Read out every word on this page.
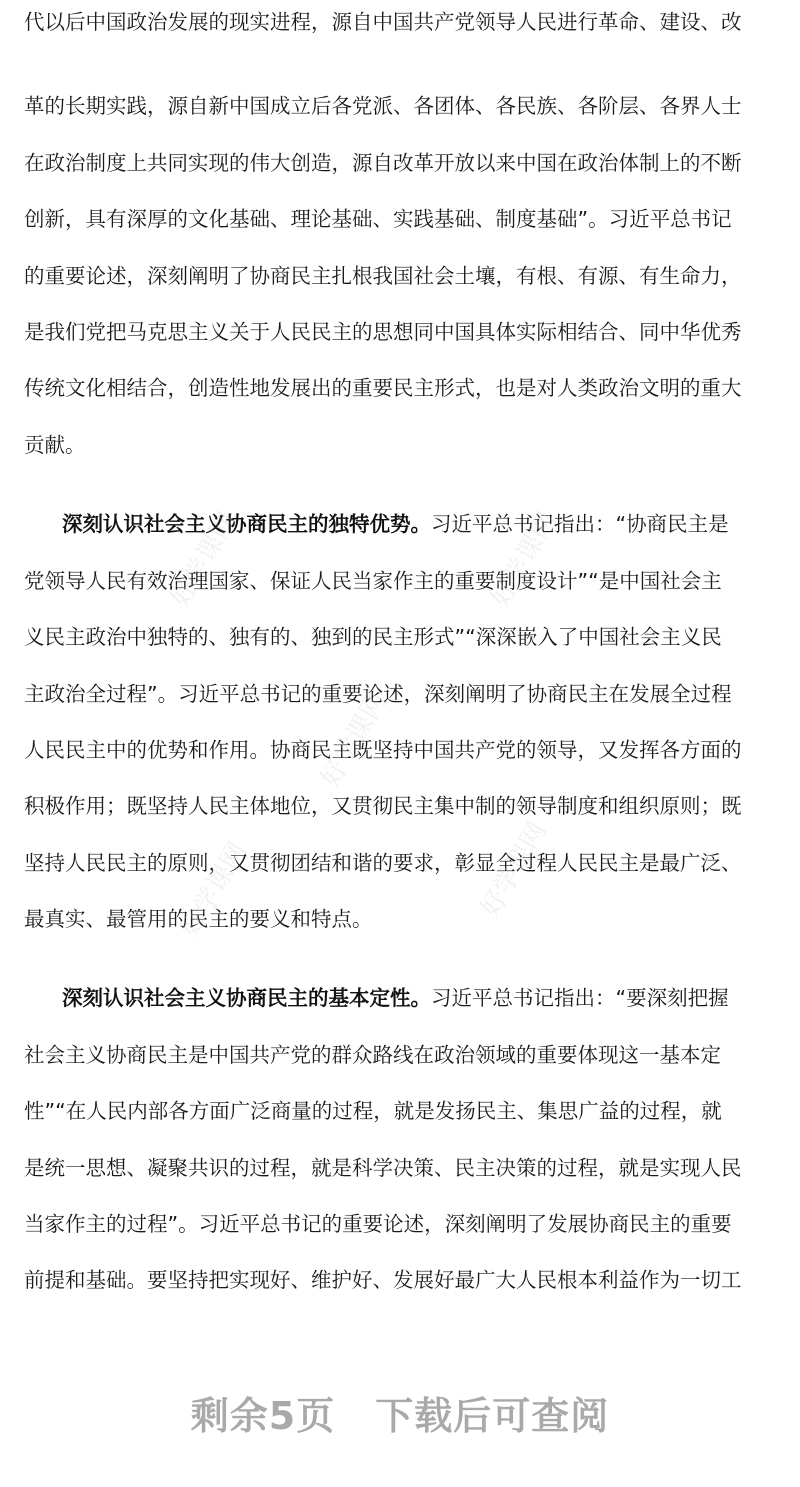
代以后中国政治发展的现实进程，源自中国共产党领导人民进行革命、建设、改
革的长期实践，源自新中国成立后各党派、各团体、各民族、各阶层、各界人士
在政治制度上共同实现的伟大创造，源自改革开放以来中国在政治体制上的不断
创新，具有深厚的文化基础、理论基础、实践基础、制度基础”。习近平总书记
的重要论述，深刻阐明了协商民主扎根我国社会土壤，有根、有源、有生命力，
是我们党把马克思主义关于人民民主的思想同中国具体实际相结合、同中华优秀
传统文化相结合，创造性地发展出的重要民主形式，也是对人类政治文明的重大
贡献。
深刻认识社会主义协商民主的独特优势。习近平总书记指出：“协商民主是
党领导人民有效治理国家、保证人民当家作主的重要制度设计”“是中国社会主
义民主政治中独特的、独有的、独到的民主形式”“深深嵌入了中国社会主义民
主政治全过程”。习近平总书记的重要论述，深刻阐明了协商民主在发展全过程
人民民主中的优势和作用。协商民主既坚持中国共产党的领导，又发挥各方面的
积极作用；既坚持人民主体地位，又贯彻民主集中制的领导制度和组织原则；既
坚持人民民主的原则，又贯彻团结和谐的要求，彰显全过程人民民主是最广泛、
最真实、最管用的民主的要义和特点。
深刻认识社会主义协商民主的基本定性。习近平总书记指出：“要深刻把握
社会主义协商民主是中国共产党的群众路线在政治领域的重要体现这一基本定
性”“在人民内部各方面广泛商量的过程，就是发扬民主、集思广益的过程，就
是统一思想、凝聚共识的过程，就是科学决策、民主决策的过程，就是实现人民
当家作主的过程”。习近平总书记的重要论述，深刻阐明了发展协商民主的重要
前提和基础。要坚持把实现好、维护好、发展好最广大人民根本利益作为一切工
好学课网	好学课网
好学课网
好学课网	好学课网
剩余5页 下载后可查阅
